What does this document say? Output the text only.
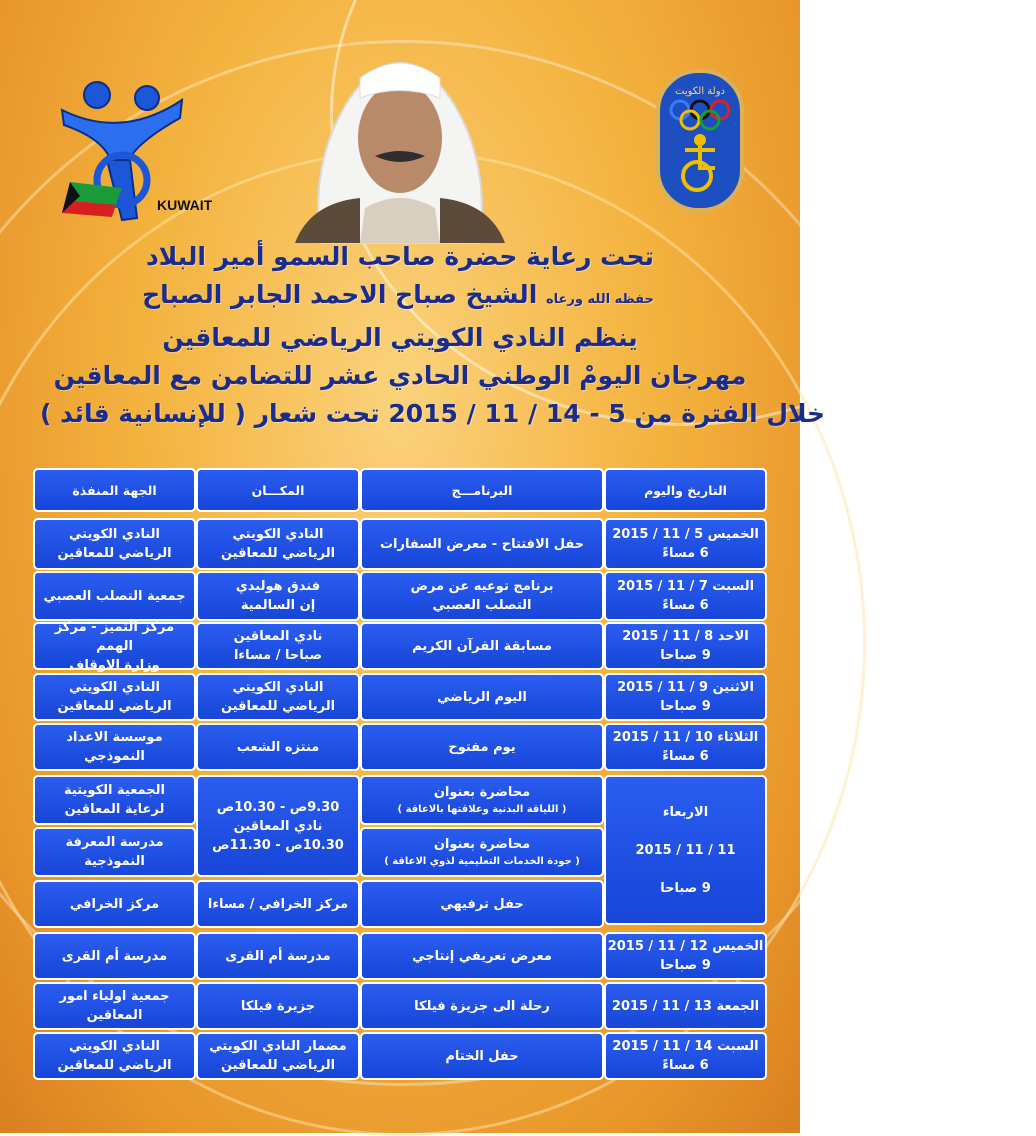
KUWAIT
دولة الكويت
تحت رعاية حضرة صاحب السمو أمير البلاد
حفظه الله ورعاه الشيخ صباح الاحمد الجابر الصباح
ينظم النادي الكويتي الرياضي للمعاقين
مهرجان اليومْ الوطني الحادي عشر للتضامن مع المعاقين
خلال الفترة من 5 - 14 / 11 / 2015 تحت شعار ( للإنسانية قائد )
التاريخ واليوم
البرنامـــج
المكـــان
الجهة المنفذة
الخميس 5 / 11 / 2015
6 مساءً
حفل الافتتاح - معرض السفارات
النادي الكويتي
الرياضي للمعاقين
النادي الكويتي
الرياضي للمعاقين
السبت 7 / 11 / 2015
6 مساءً
برنامج توعيه عن مرض
التصلب العصبي
فندق هوليدي
إن السالمية
جمعية التصلب العصبي
الاحد 8 / 11 / 2015
9 صباحا
مسابقة القرآن الكريم
نادي المعاقين
صباحا / مساءا
مركز التميز - مركز الهمم
وزارة الاوقاف
الاثنين 9 / 11 / 2015
9 صباحا
اليوم الرياضي
النادي الكويتي
الرياضي للمعاقين
النادي الكويتي
الرياضي للمعاقين
الثلاثاء 10 / 11 / 2015
6 مساءً
يوم مفتوح
منتزه الشعب
موسسة الاعداد
النموذجي
الاربعاء

11 / 11 / 2015

9 صباحا
محاضرة بعنوان
( اللياقة البدنية وعلاقتها بالاعاقة )
محاضرة بعنوان
( جودة الخدمات التعليمية لذوي الاعاقة )
حفل ترفيهي
9.30ص - 10.30ص
نادي المعاقين
10.30ص - 11.30ص
مركز الخرافي / مساءا
الجمعية الكويتية
لرعاية المعاقين
مدرسة المعرفة
النموذجية
مركز الخرافي
الخميس 12 / 11 / 2015
9 صباحا
معرض تعريفي إنتاجي
مدرسة أم القرى
مدرسة أم القرى
الجمعة 13 / 11 / 2015
رحلة الى جزيزة فيلكا
جزيرة فيلكا
جمعية اولياء امور
المعاقين
السبت 14 / 11 / 2015
6 مساءً
حفل الختام
مضمار النادي الكويتي
الرياضي للمعاقين
النادي الكويتي
الرياضي للمعاقين
